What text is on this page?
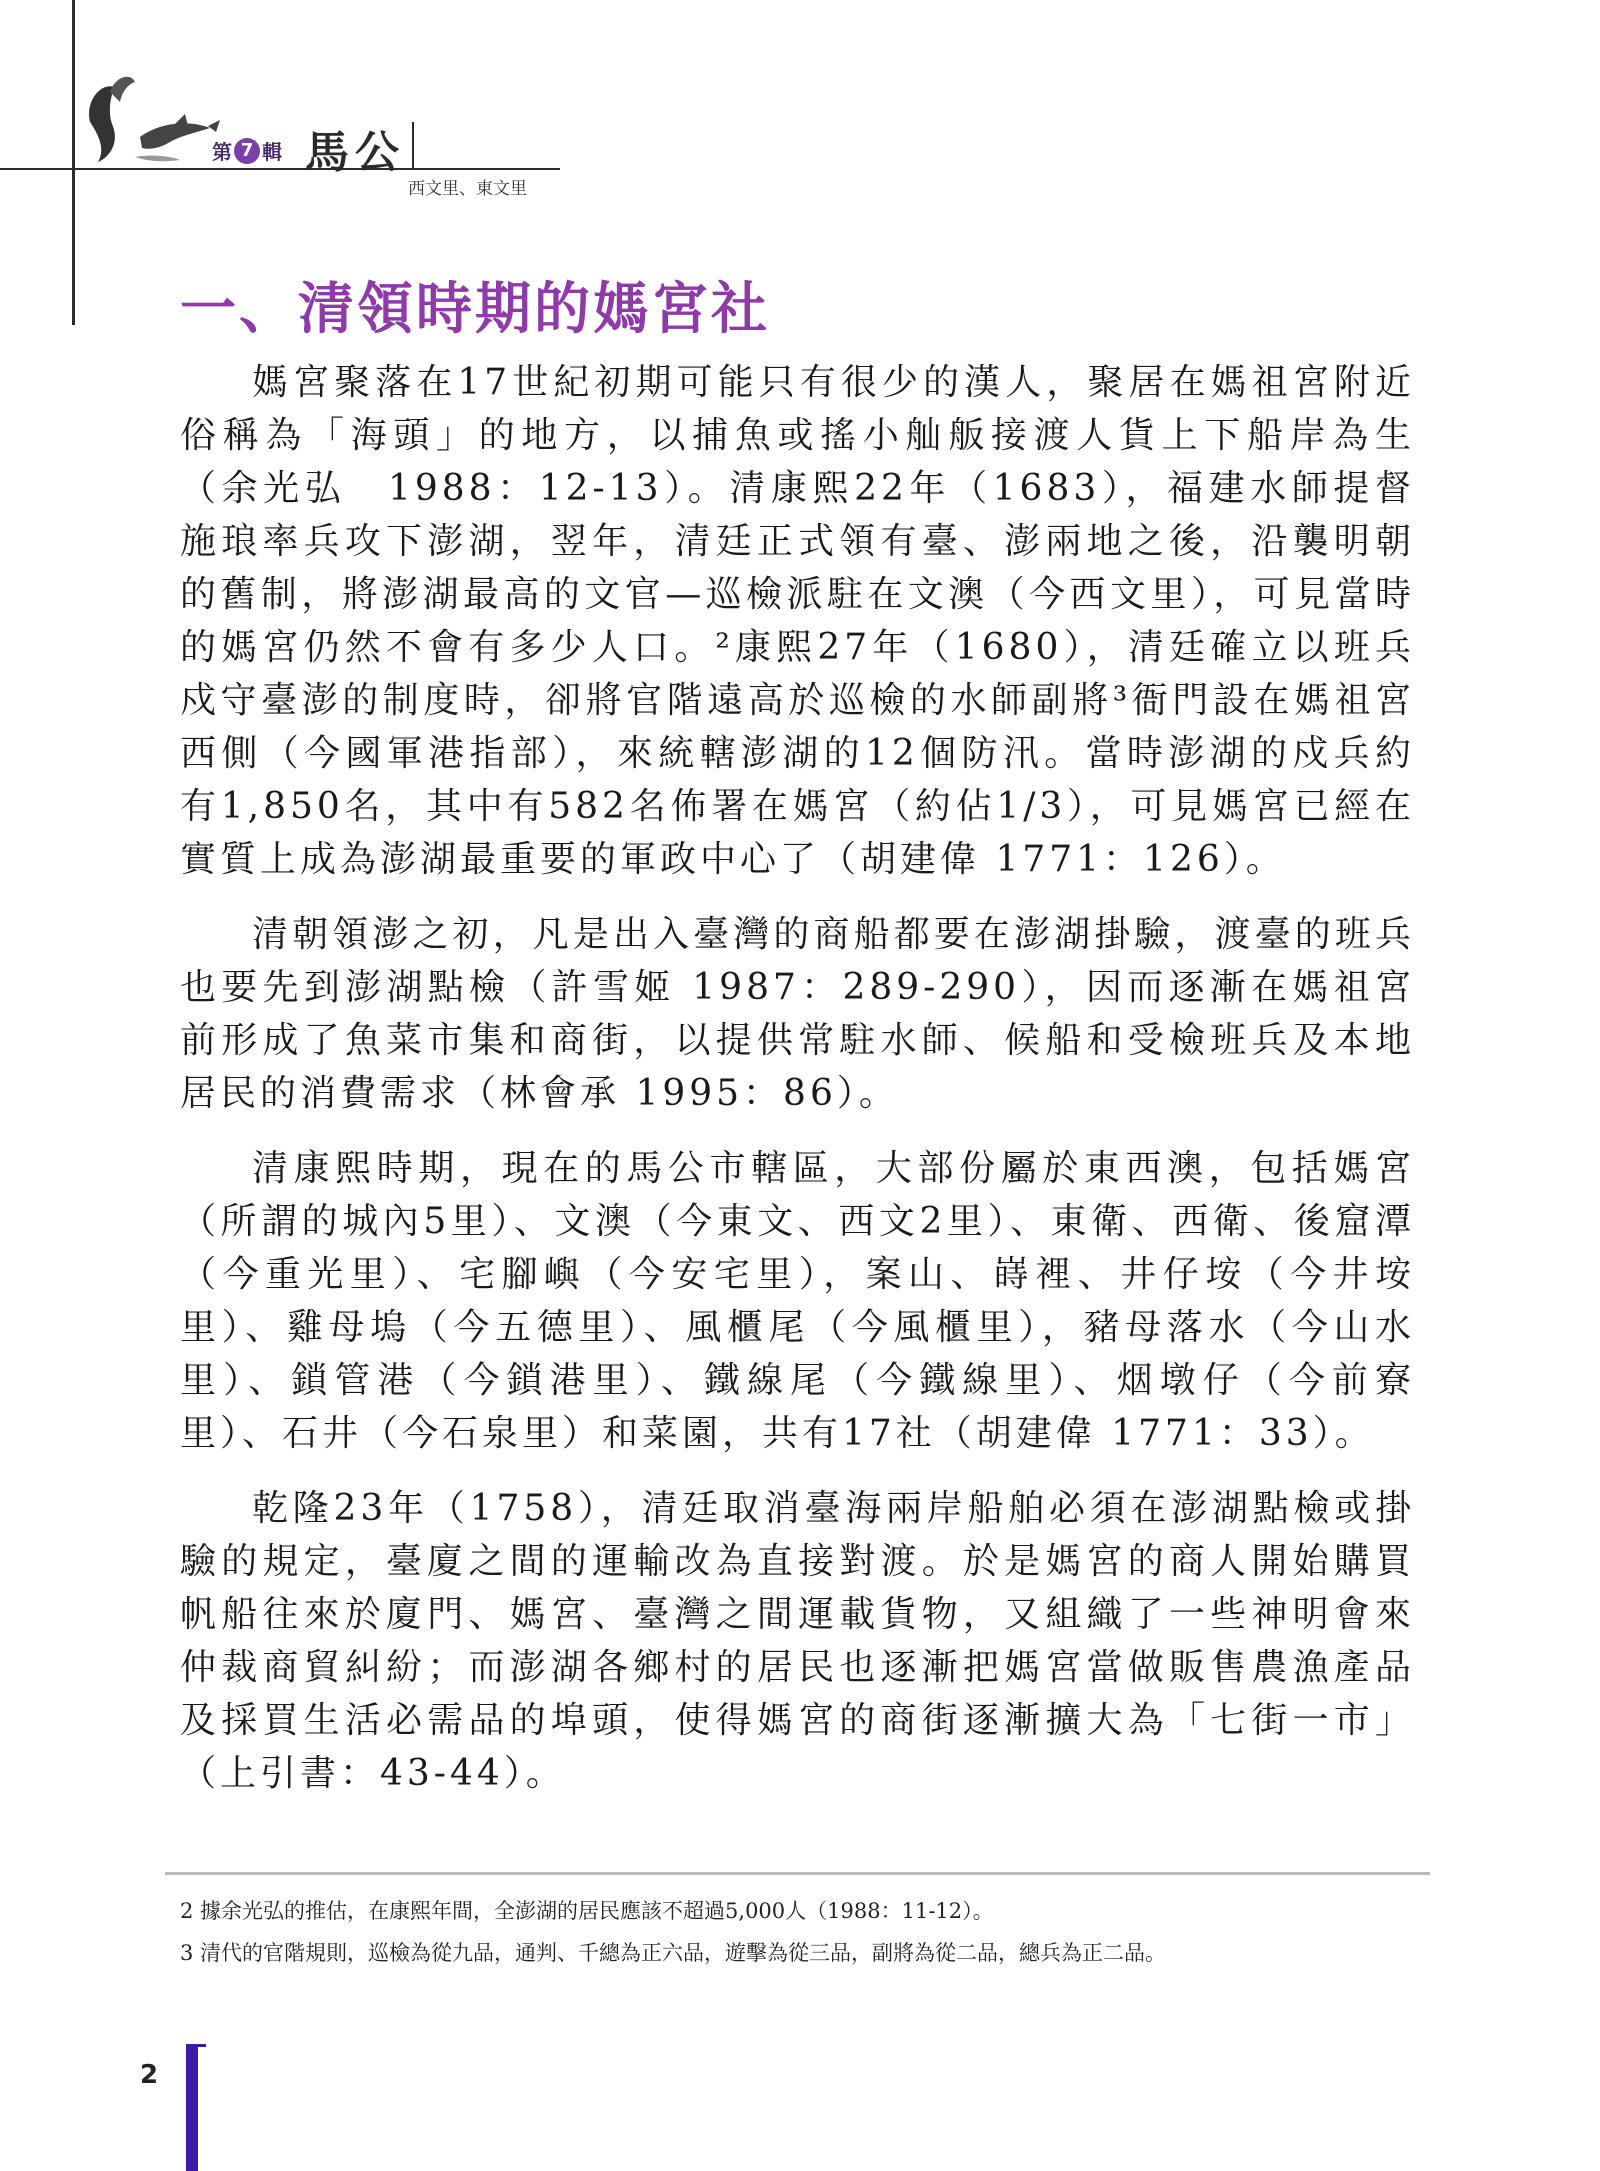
第 7 輯 馬公
西文里、東文里
一、清領時期的媽宮社

媽宮聚落在17世紀初期可能只有很少的漢人，聚居在媽祖宮附近俗稱為「海頭」的地方，以捕魚或搖小舢舨接渡人貨上下船岸為生（余光弘　1988：12-13）。清康熙22年（1683），福建水師提督施琅率兵攻下澎湖，翌年，清廷正式領有臺、澎兩地之後，沿襲明朝的舊制，將澎湖最高的文官—巡檢派駐在文澳（今西文里），可見當時的媽宮仍然不會有多少人口。²康熙27年（1680），清廷確立以班兵戍守臺澎的制度時，卻將官階遠高於巡檢的水師副將³衙門設在媽祖宮西側（今國軍港指部），來統轄澎湖的12個防汛。當時澎湖的戍兵約有1,850名，其中有582名佈署在媽宮（約佔1/3），可見媽宮已經在實質上成為澎湖最重要的軍政中心了（胡建偉 1771：126）。

清朝領澎之初，凡是出入臺灣的商船都要在澎湖掛驗，渡臺的班兵也要先到澎湖點檢（許雪姬 1987：289-290），因而逐漸在媽祖宮前形成了魚菜市集和商街，以提供常駐水師、候船和受檢班兵及本地居民的消費需求（林會承 1995：86）。

清康熙時期，現在的馬公市轄區，大部份屬於東西澳，包括媽宮（所謂的城內5里）、文澳（今東文、西文2里）、東衛、西衛、後窟潭（今重光里）、宅腳嶼（今安宅里），案山、嵵裡、井仔垵（今井垵里）、雞母塢（今五德里）、風櫃尾（今風櫃里），豬母落水（今山水里）、鎖管港（今鎖港里）、鐵線尾（今鐵線里）、烟墩仔（今前寮里）、石井（今石泉里）和菜園，共有17社（胡建偉 1771：33）。

乾隆23年（1758），清廷取消臺海兩岸船舶必須在澎湖點檢或掛驗的規定，臺廈之間的運輸改為直接對渡。於是媽宮的商人開始購買帆船往來於廈門、媽宮、臺灣之間運載貨物，又組織了一些神明會來仲裁商貿糾紛；而澎湖各鄉村的居民也逐漸把媽宮當做販售農漁產品及採買生活必需品的埠頭，使得媽宮的商街逐漸擴大為「七街一市」（上引書：43-44）。

2 據余光弘的推估，在康熙年間，全澎湖的居民應該不超過5,000人（1988：11-12）。
3 清代的官階規則，巡檢為從九品，通判、千總為正六品，遊擊為從三品，副將為從二品，總兵為正二品。
2
